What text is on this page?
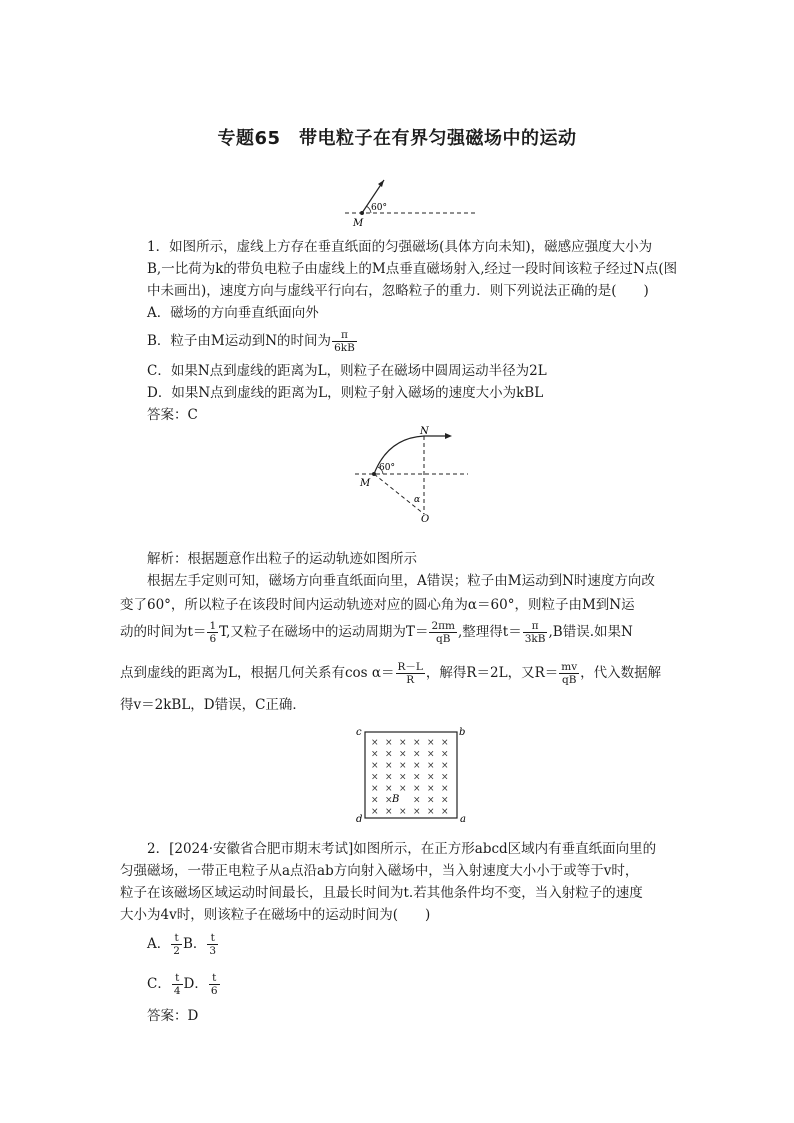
专题65　带电粒子在有界匀强磁场中的运动
60°
M
1．如图所示，虚线上方存在垂直纸面的匀强磁场(具体方向未知)，磁感应强度大小为
B,一比荷为k的带负电粒子由虚线上的M点垂直磁场射入,经过一段时间该粒子经过N点(图
中未画出)，速度方向与虚线平行向右，忽略粒子的重力．则下列说法正确的是(　　)
A．磁场的方向垂直纸面向外
B．粒子由M运动到N的时间为 $\frac{\pi}{6kB}$
C．如果N点到虚线的距离为L，则粒子在磁场中圆周运动半径为2L
D．如果N点到虚线的距离为L，则粒子射入磁场的速度大小为kBL
答案：C
60°
M
N
α
O
解析：根据题意作出粒子的运动轨迹如图所示
根据左手定则可知，磁场方向垂直纸面向里，A错误；粒子由M运动到N时速度方向改
变了60°，所以粒子在该段时间内运动轨迹对应的圆心角为α＝60°，则粒子由M到N运
动的时间为$t= \frac{1}{6} T$,又粒子在磁场中的运动周期为$T= \frac{2\pi m}{qB}$ ,整理得$t= \frac{\pi}{3kB} ,B$错误.如果N
点到虚线的距离为L，根据几何关系有$\cos \alpha= \frac{R-L}{R}$ ，解得R＝2L，又$R= \frac{mv}{qB}$ ，代入数据解
得v＝2kBL，D错误，C正确．
× × × × × ×
× × × × × ×
× × × × × ×
× × × × × ×
× × × × × ×
× × × × ×
× × × × × ×
c	b
d	a
B
2．[2024·安徽省合肥市期末考试]如图所示，在正方形abcd区域内有垂直纸面向里的
匀强磁场，一带正电粒子从a点沿ab方向射入磁场中，当入射速度大小小于或等于v时，
粒子在该磁场区域运动时间最长，且最长时间为t.若其他条件均不变，当入射粒子的速度
大小为4v时，则该粒子在磁场中的运动时间为(　　)
A． $\frac{t}{2}$ B． $\frac{t}{3}$
C． $\frac{t}{4}$ D． $\frac{t}{6}$
答案：D
